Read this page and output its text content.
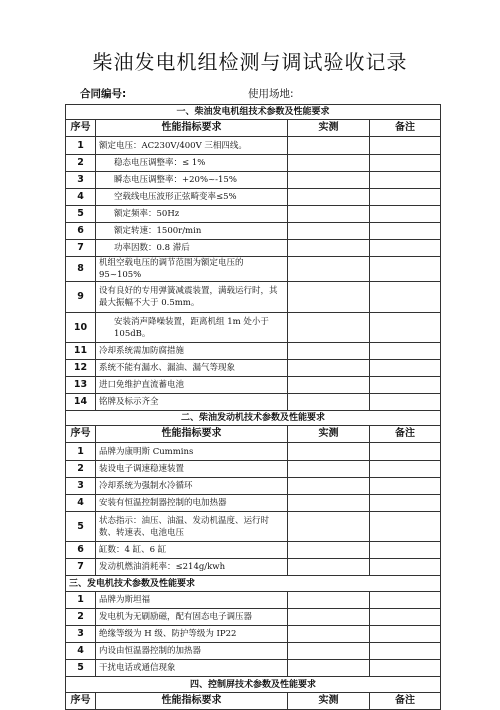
柴油发电机组检测与调试验收记录
合同编号:	使用场地:
一、柴油发电机组技术参数及性能要求			
序号	性能指标要求	实测	备注
1	额定电压：AC230V/400V 三相四线。		
2	稳态电压调整率：≤ 1%		
3	瞬态电压调整率：+20%~-15%		
4	空载线电压波形正弦畸变率≤5%		
5	额定频率：50Hz		
6	额定转速：1500r/min		
7	功率因数：0.8 滞后		
8	机组空载电压的调节范围为额定电压的 95~105%		
9	设有良好的专用弹簧减震装置，满载运行时，其最大振幅不大于 0.5mm。		
10	安装消声降噪装置，距离机组 1m 处小于 105dB。		
11	冷却系统需加防腐措施		
12	系统不能有漏水、漏油、漏气等现象		
13	进口免维护直流蓄电池		
14	铭牌及标示齐全		
二、柴油发动机技术参数及性能要求			
序号	性能指标要求	实测	备注
1	品牌为康明斯 Cummins		
2	装设电子调速稳速装置		
3	冷却系统为强制水冷循环		
4	安装有恒温控制器控制的电加热器		
5	状态指示：油压、油温、发动机温度、运行时数、转速表、电池电压		
6	缸数：4 缸、6 缸		
7	发动机燃油消耗率：≤214g/kwh		
三、发电机技术参数及性能要求			
1	品牌为斯坦福		
2	发电机为无刷励磁，配有固态电子调压器		
3	绝缘等级为 H 级、防护等级为 IP22		
4	内设由恒温器控制的加热器		
5	干扰电话或通信现象		
四、控制屏技术参数及性能要求			
序号	性能指标要求	实测	备注
